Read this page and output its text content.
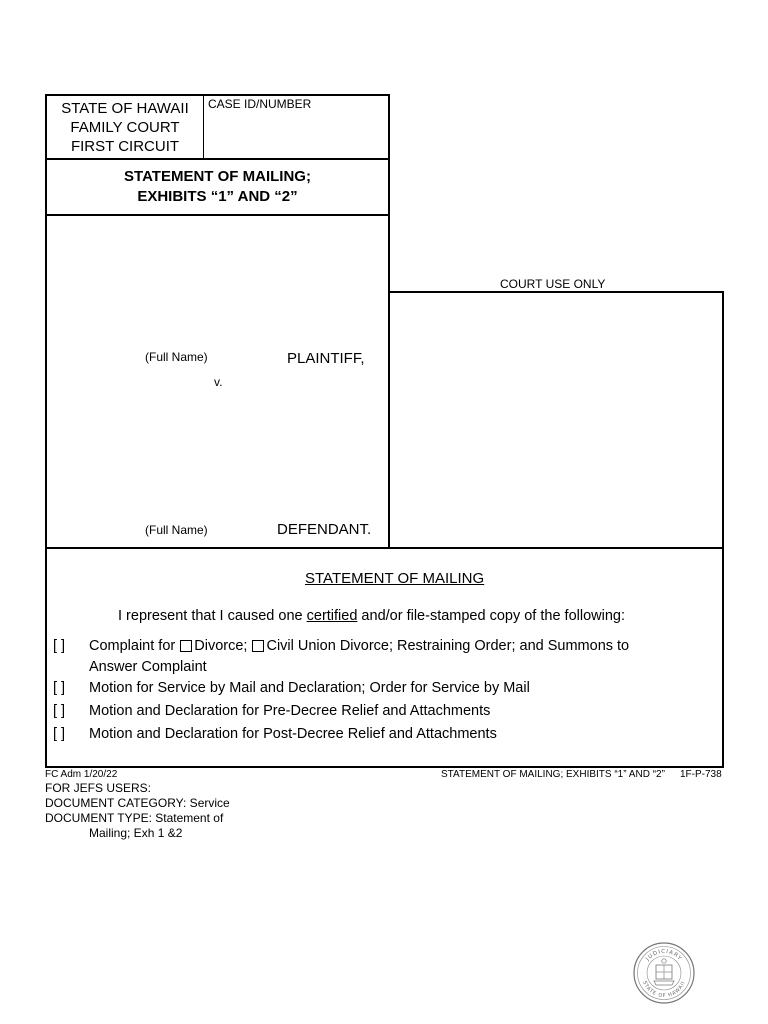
STATE OF HAWAII
FAMILY COURT
FIRST CIRCUIT
CASE ID/NUMBER
STATEMENT OF MAILING;
EXHIBITS “1” AND “2”
COURT USE ONLY
(Full Name)	PLAINTIFF,
v.
(Full Name)	DEFENDANT.
STATEMENT OF MAILING
I represent that I caused one certified and/or file-stamped copy of the following:
[ ] Complaint for Divorce; Civil Union Divorce; Restraining Order; and Summons to
Answer Complaint
[ ] Motion for Service by Mail and Declaration; Order for Service by Mail
[ ] Motion and Declaration for Pre-Decree Relief and Attachments
[ ] Motion and Declaration for Post-Decree Relief and Attachments
FC Adm 1/20/22	STATEMENT OF MAILING; EXHIBITS “1” AND “2” 1F-P-738
FOR JEFS USERS:
DOCUMENT CATEGORY: Service
DOCUMENT TYPE: Statement of
Mailing; Exh 1 &2
JUDICIARY
STATE OF HAWAII
